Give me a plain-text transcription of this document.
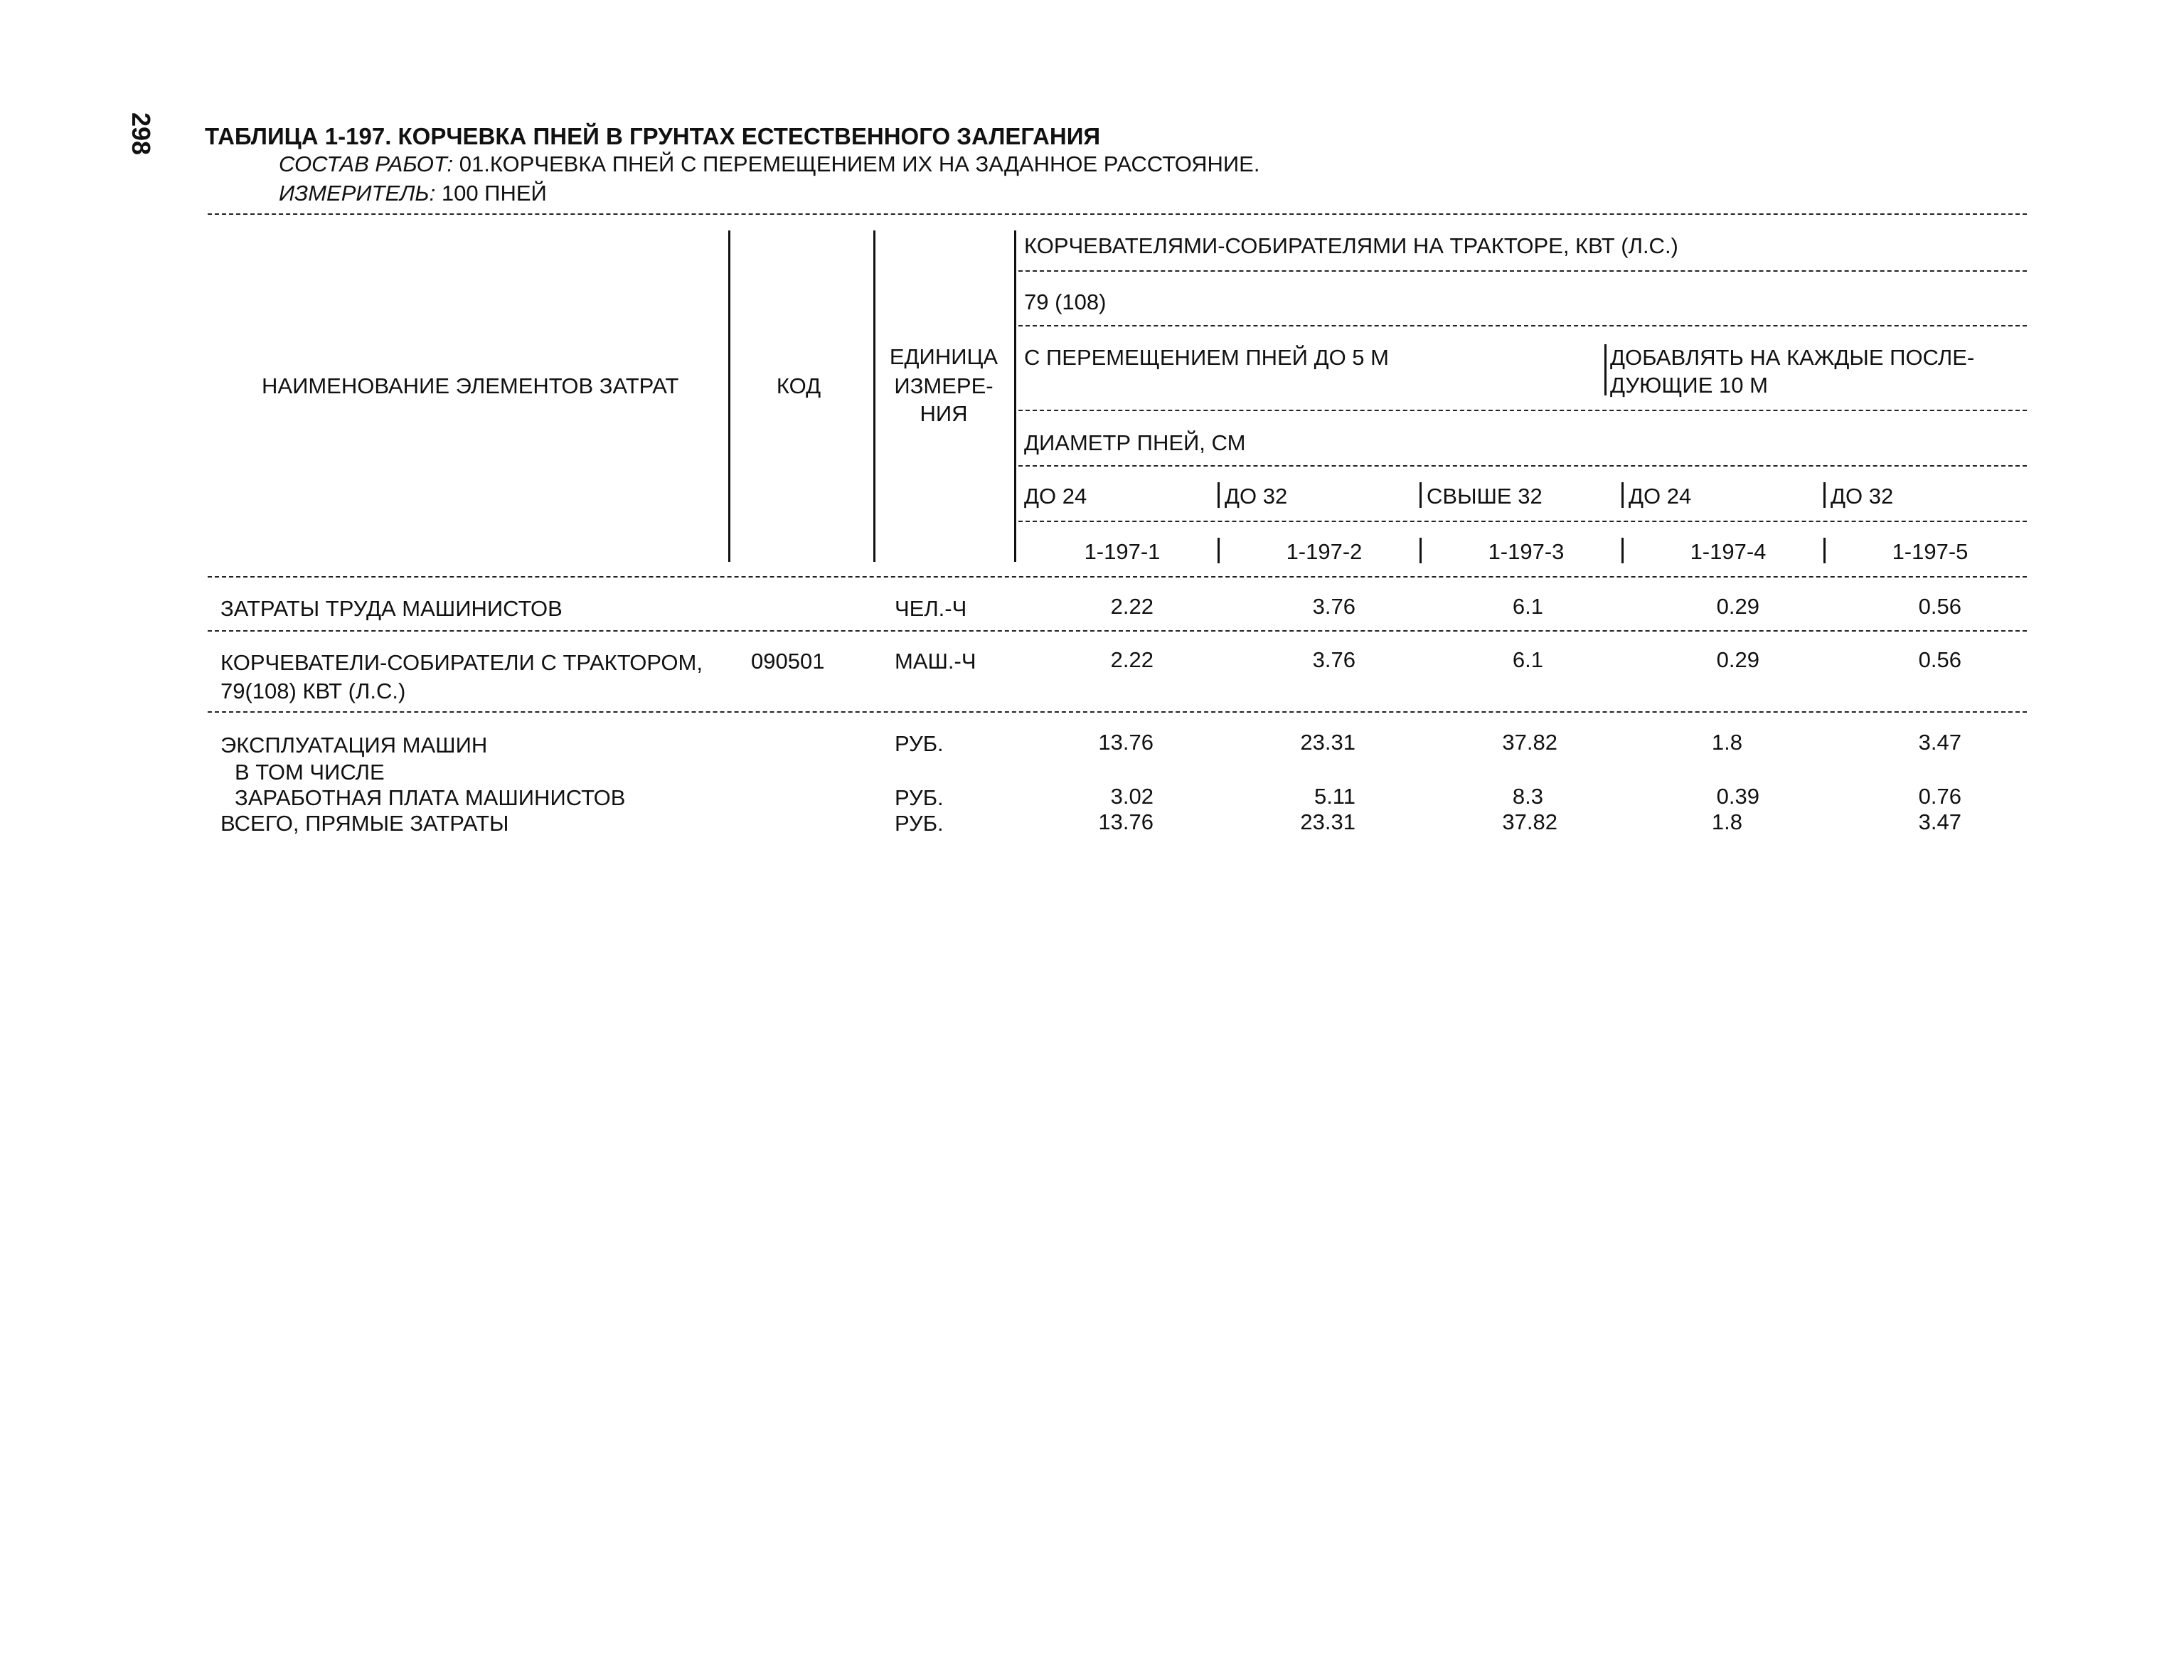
298 ТАБЛИЦА 1-197. КОРЧЕВКА ПНЕЙ В ГРУНТАХ ЕСТЕСТВЕННОГО ЗАЛЕГАНИЯ
СОСТАВ РАБОТ: 01.КОРЧЕВКА ПНЕЙ С ПЕРЕМЕЩЕНИЕМ ИХ НА ЗАДАННОЕ РАССТОЯНИЕ.
ИЗМЕРИТЕЛЬ: 100 ПНЕЙ
НАИМЕНОВАНИЕ ЭЛЕМЕНТОВ ЗАТРАТ	КОД
ЕДИНИЦА
ИЗМЕРЕ-
НИЯ
КОРЧЕВАТЕЛЯМИ-СОБИРАТЕЛЯМИ НА ТРАКТОРЕ, КВТ (Л.С.)
79 (108)
С ПЕРЕМЕЩЕНИЕМ ПНЕЙ ДО 5 М	ДОБАВЛЯТЬ НА КАЖДЫЕ ПОСЛЕ-
ДУЮЩИЕ 10 М
ДИАМЕТР ПНЕЙ, СМ
ДО 24	ДО 32	СВЫШЕ 32	ДО 24	ДО 32
1-197-1	1-197-2	1-197-3	1-197-4	1-197-5
ЗАТРАТЫ ТРУДА МАШИНИСТОВ	ЧЕЛ.-Ч	2.22	3.76	6.1	0.29	0.56
КОРЧЕВАТЕЛИ-СОБИРАТЕЛИ С ТРАКТОРОМ,
79(108) КВТ (Л.С.)
090501	МАШ.-Ч	2.22	3.76	6.1	0.29	0.56
ЭКСПЛУАТАЦИЯ МАШИН	РУБ.	13.76	23.31	37.82	1.8	3.47
В ТОМ ЧИСЛЕ
ЗАРАБОТНАЯ ПЛАТА МАШИНИСТОВ	РУБ.	3.02	5.11	8.3	0.39	0.76
ВСЕГО, ПРЯМЫЕ ЗАТРАТЫ	РУБ.	13.76	23.31	37.82	1.8	3.47
